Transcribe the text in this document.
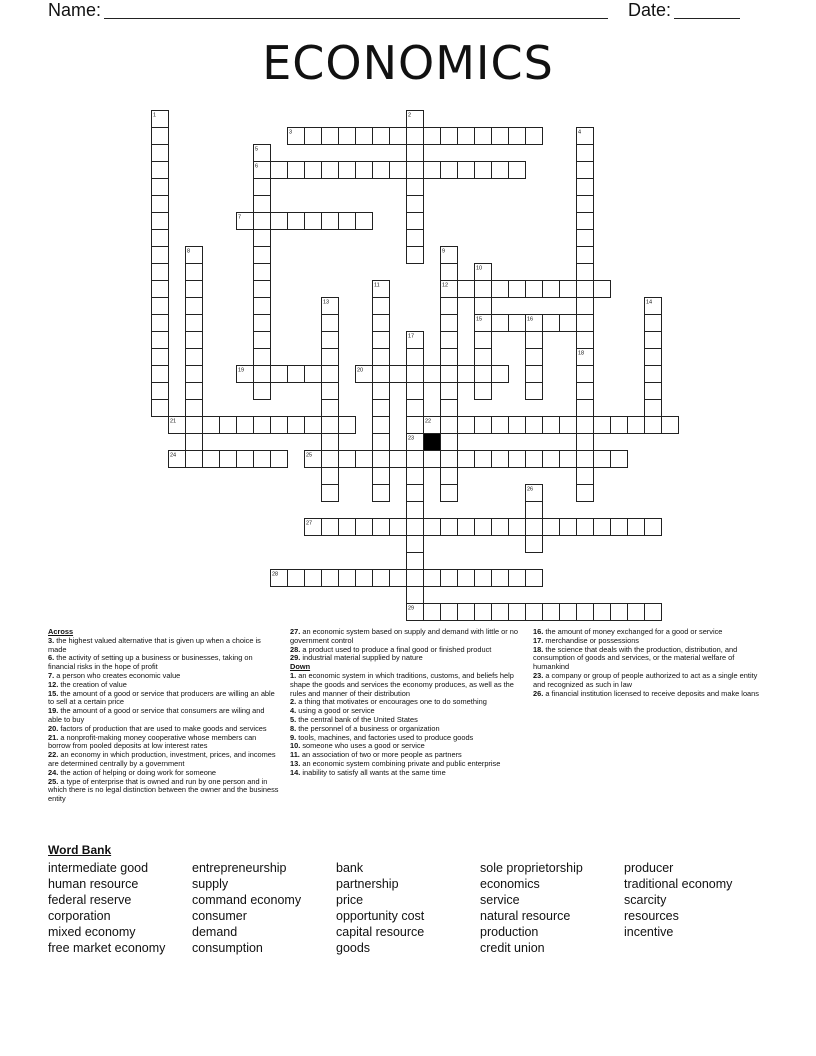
Name:	Date:
ECONOMICS
1	2
3	4
5
6
7
8	9
10
11	12
13	14
15	16
17
18
19	20
21	22
23
24	25
26
27
28
29
Across
3. the highest valued alternative that is given up when a choice is made
6. the activity of setting up a business or businesses, taking on financial risks in the hope of profit
7. a person who creates economic value
12. the creation of value
15. the amount of a good or service that producers are willing an able to sell at a certain price
19. the amount of a good or service that consumers are wiling and able to buy
20. factors of production that are used to make goods and services
21. a nonprofit-making money cooperative whose members can borrow from pooled deposits at low interest rates
22. an economy in which production, investment, prices, and incomes are determined centrally by a government
24. the action of helping or doing work for someone
25. a type of enterprise that is owned and run by one person and in which there is no legal distinction between the owner and the business entity
27. an economic system based on supply and demand with little or no government control
28. a product used to produce a final good or finished product
29. industrial material supplied by nature
Down
1. an economic system in which traditions, customs, and beliefs help shape the goods and services the economy produces, as well as the rules and manner of their distribution
2. a thing that motivates or encourages one to do something
4. using a good or service
5. the central bank of the United States
8. the personnel of a business or organization
9. tools, machines, and factories used to produce goods
10. someone who uses a good or service
11. an association of two or more people as partners
13. an economic system combining private and public enterprise
14. inability to satisfy all wants at the same time
16. the amount of money exchanged for a good or service
17. merchandise or possessions
18. the science that deals with the production, distribution, and consumption of goods and services, or the material welfare of humankind
23. a company or group of people authorized to act as a single entity and recognized as such in law
26. a financial institution licensed to receive deposits and make loans
Word Bank
intermediate good
human resource
federal reserve
corporation
mixed economy
free market economy
entrepreneurship
supply
command economy
consumer
demand
consumption
bank
partnership
price
opportunity cost
capital resource
goods
sole proprietorship
economics
service
natural resource
production
credit union
producer
traditional economy
scarcity
resources
incentive
